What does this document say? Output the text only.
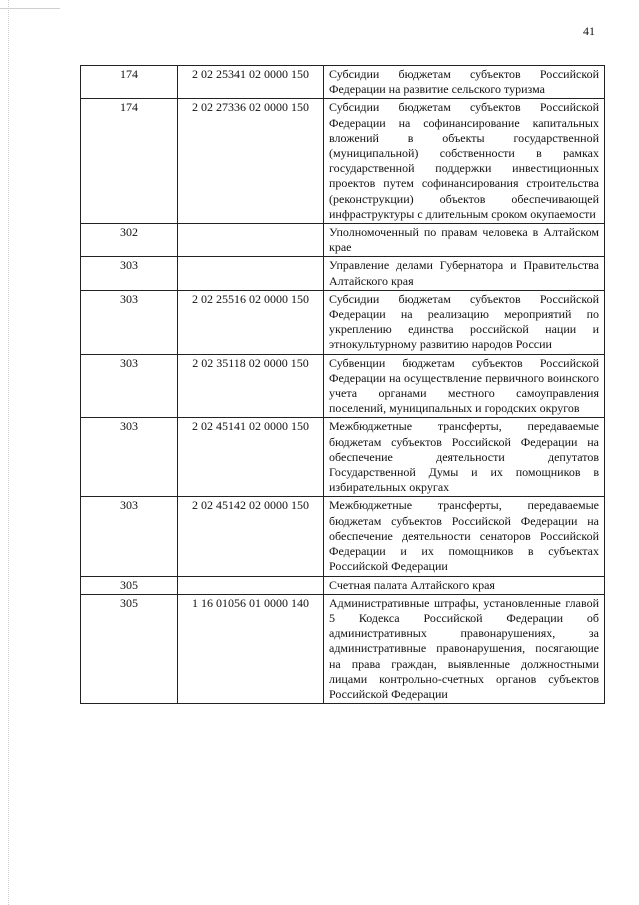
41
174	2 02 25341 02 0000 150	Субсидии бюджетам субъектов Российской Федерации на развитие сельского туризма
174	2 02 27336 02 0000 150	Субсидии бюджетам субъектов Российской Федерации на софинансирование капитальных вложений в объекты государственной (муниципальной) собственности в рамках государственной поддержки инвестиционных проектов путем софинансирования строительства (реконструкции) объектов обеспечивающей инфраструктуры с длительным сроком окупаемости
302		Уполномоченный по правам человека в Алтайском крае
303		Управление делами Губернатора и Правительства Алтайского края
303	2 02 25516 02 0000 150	Субсидии бюджетам субъектов Российской Федерации на реализацию мероприятий по укреплению единства российской нации и этнокультурному развитию народов России
303	2 02 35118 02 0000 150	Субвенции бюджетам субъектов Российской Федерации на осуществление первичного воинского учета органами местного самоуправления поселений, муниципальных и городских округов
303	2 02 45141 02 0000 150	Межбюджетные трансферты, передаваемые бюджетам субъектов Российской Федерации на обеспечение деятельности депутатов Государственной Думы и их помощников в избирательных округах
303	2 02 45142 02 0000 150	Межбюджетные трансферты, передаваемые бюджетам субъектов Российской Федерации на обеспечение деятельности сенаторов Российской Федерации и их помощников в субъектах Российской Федерации
305		Счетная палата Алтайского края
305	1 16 01056 01 0000 140	Административные штрафы, установленные главой 5 Кодекса Российской Федерации об административных правонарушениях, за административные правонарушения, посягающие на права граждан, выявленные должностными лицами контрольно-счетных органов субъектов Российской Федерации
